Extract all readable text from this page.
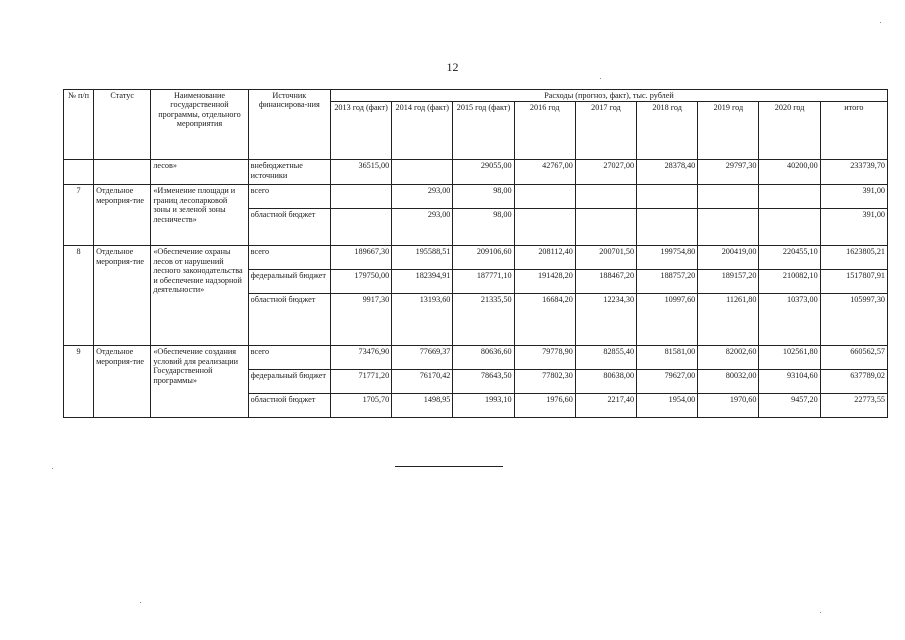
12
№ п/п	Статус	Наименование государственной программы, отдельного мероприятия	Источник финансирова-ния	Расходы (прогноз, факт), тыс. рублей								
				2013 год (факт)	2014 год (факт)	2015 год (факт)	2016 год	2017 год	2018 год	2019 год	2020 год	итого
		лесов»	внебюджетные источники	36515,00		29055,00	42767,00	27027,00	28378,40	29797,30	40200,00	233739,70
7	Отдельное мероприя-тие	«Изменение площади и границ лесопарковой зоны и зеленой зоны лесничеств»	всего		293,00	98,00						391,00
			областной бюджет		293,00	98,00						391,00
8	Отдельное мероприя-тие	«Обеспечение охраны лесов от нарушений лесного законодательства и обеспечение надзорной деятельности»	всего	189667,30	195588,51	209106,60	208112,40	200701,50	199754,80	200419,00	220455,10	1623805,21
			федеральный бюджет	179750,00	182394,91	187771,10	191428,20	188467,20	188757,20	189157,20	210082,10	1517807,91
			областной бюджет	9917,30	13193,60	21335,50	16684,20	12234,30	10997,60	11261,80	10373,00	105997,30
9	Отдельное мероприя-тие	«Обеспечение создания условий для реализации Государственной программы»	всего	73476,90	77669,37	80636,60	79778,90	82855,40	81581,00	82002,60	102561,80	660562,57
			федеральный бюджет	71771,20	76170,42	78643,50	77802,30	80638,00	79627,00	80032,00	93104,60	637789,02
			областной бюджет	1705,70	1498,95	1993,10	1976,60	2217,40	1954,00	1970,60	9457,20	22773,55
